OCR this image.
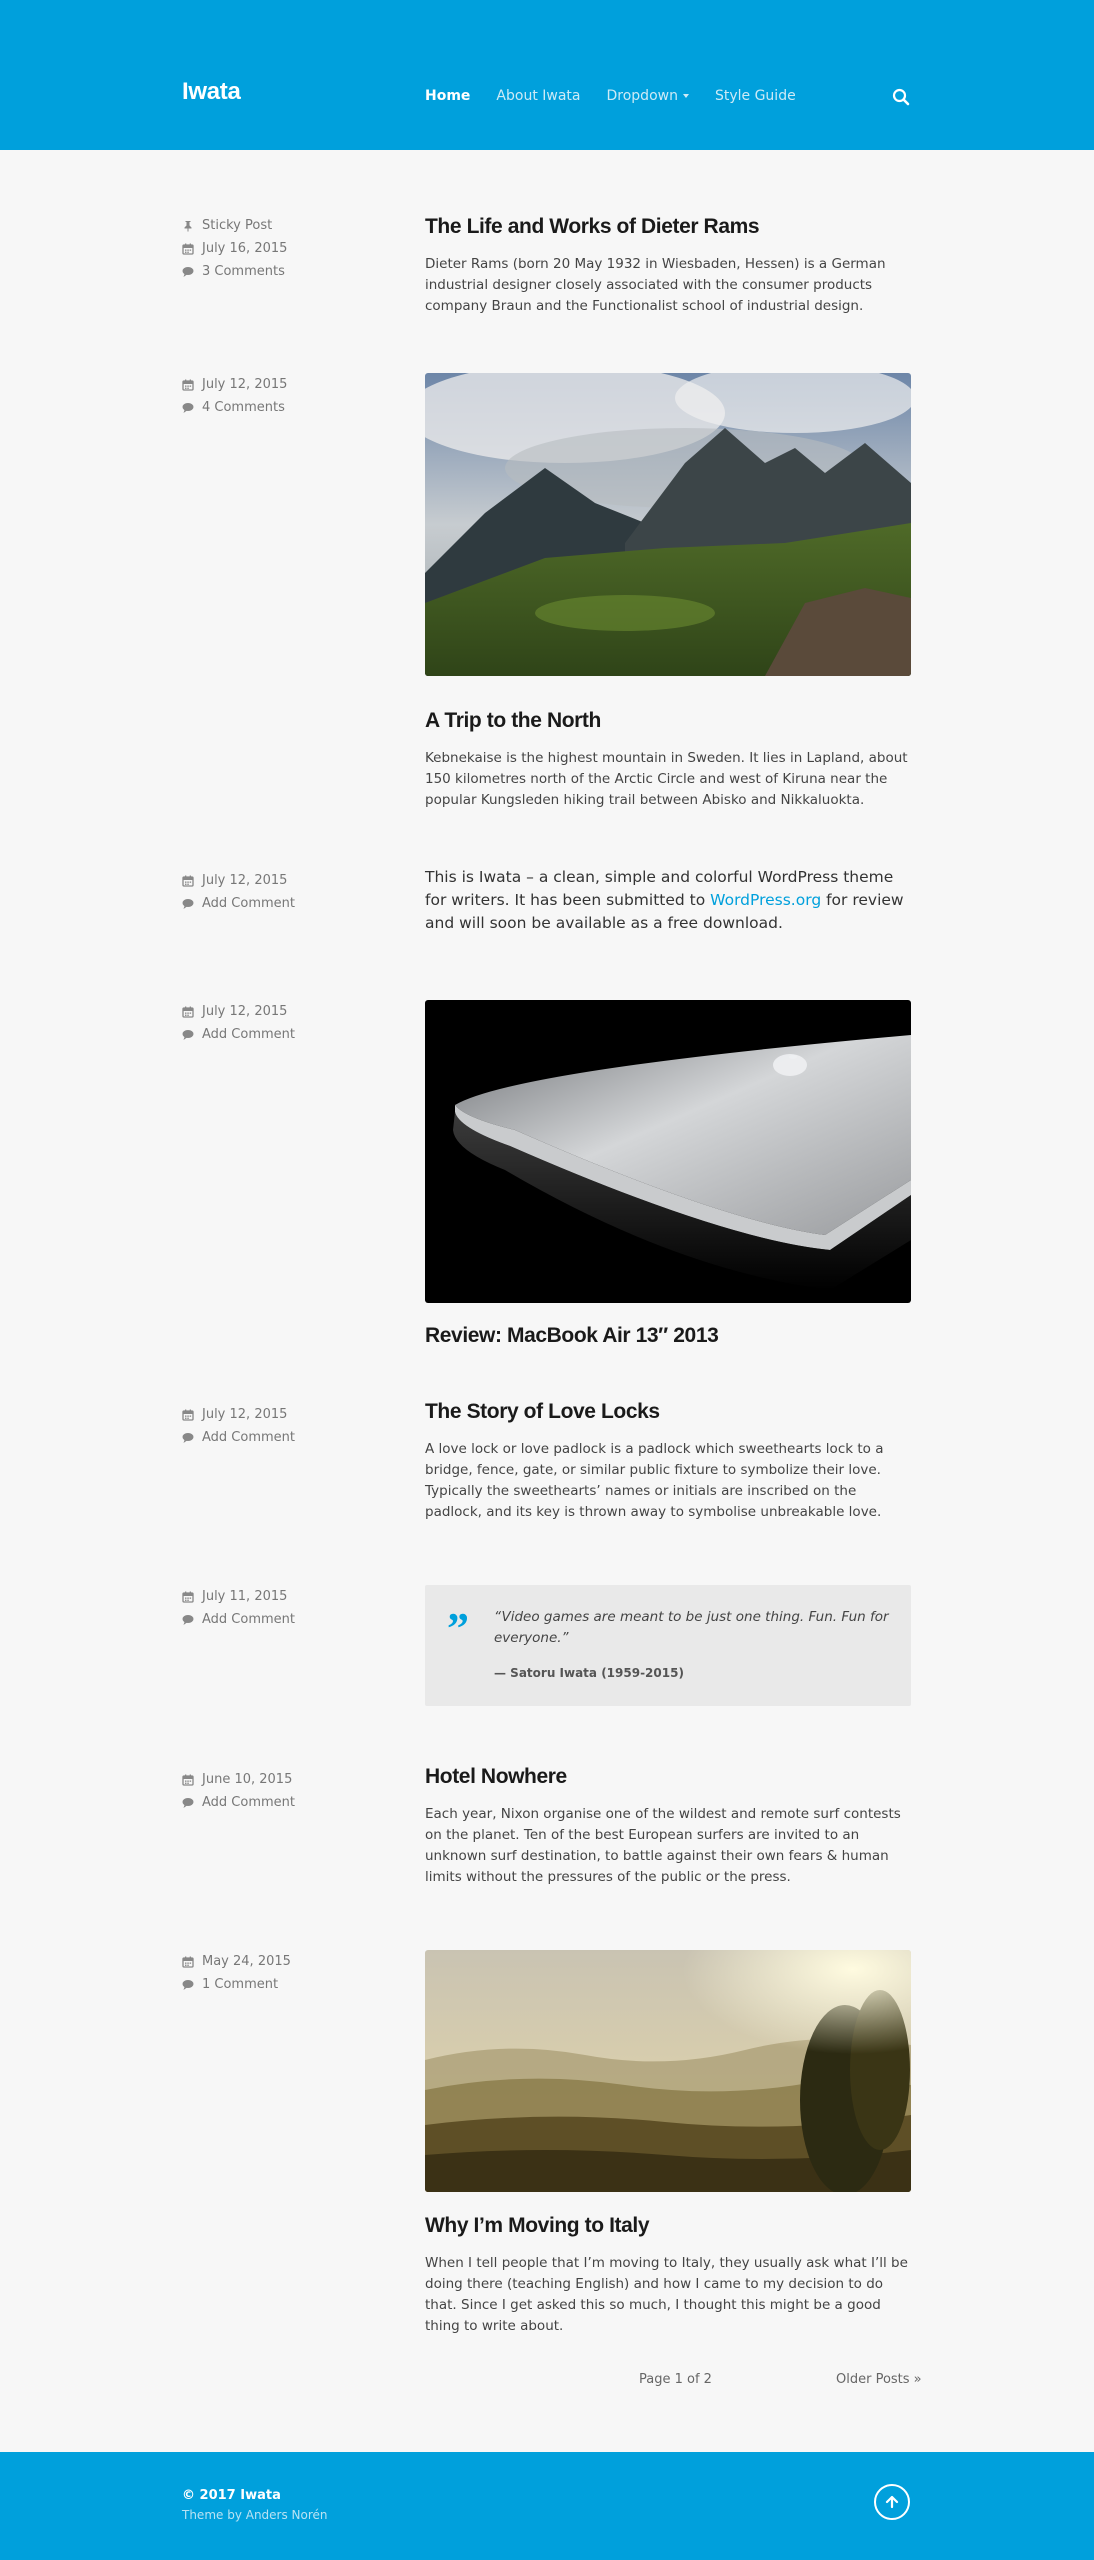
Iwata	Home About Iwata Dropdown	Style Guide
Sticky Post
July 16, 2015
3 Comments
The Life and Works of Dieter Rams

Dieter Rams (born 20 May 1932 in Wiesbaden, Hessen) is a German industrial designer closely associated with the consumer products company Braun and the Functionalist school of industrial design.

July 12, 2015
4 Comments
A Trip to the North

Kebnekaise is the highest mountain in Sweden. It lies in Lapland, about 150 kilometres north of the Arctic Circle and west of Kiruna near the popular Kungsleden hiking trail between Abisko and Nikkaluokta.

July 12, 2015
Add Comment

This is Iwata – a clean, simple and colorful WordPress theme for writers. It has been submitted to WordPress.org for review and will soon be available as a free download.

July 12, 2015
Add Comment
Review: MacBook Air 13″ 2013
July 12, 2015
Add Comment
The Story of Love Locks

A love lock or love padlock is a padlock which sweethearts lock to a bridge, fence, gate, or similar public fixture to symbolize their love. Typically the sweethearts’ names or initials are inscribed on the padlock, and its key is thrown away to symbolise unbreakable love.

July 11, 2015
Add Comment	” “Video games are meant to be just one thing. Fun. Fun for everyone.”
— Satoru Iwata (1959-2015)
June 10, 2015
Add Comment
Hotel Nowhere

Each year, Nixon organise one of the wildest and remote surf contests on the planet. Ten of the best European surfers are invited to an unknown surf destination, to battle against their own fears & human limits without the pressures of the public or the press.

May 24, 2015
1 Comment
Why I’m Moving to Italy

When I tell people that I’m moving to Italy, they usually ask what I’ll be doing there (teaching English) and how I came to my decision to do that. Since I get asked this so much, I thought this might be a good thing to write about.

Page 1 of 2	Older Posts »
© 2017 Iwata
Theme by Anders Norén
